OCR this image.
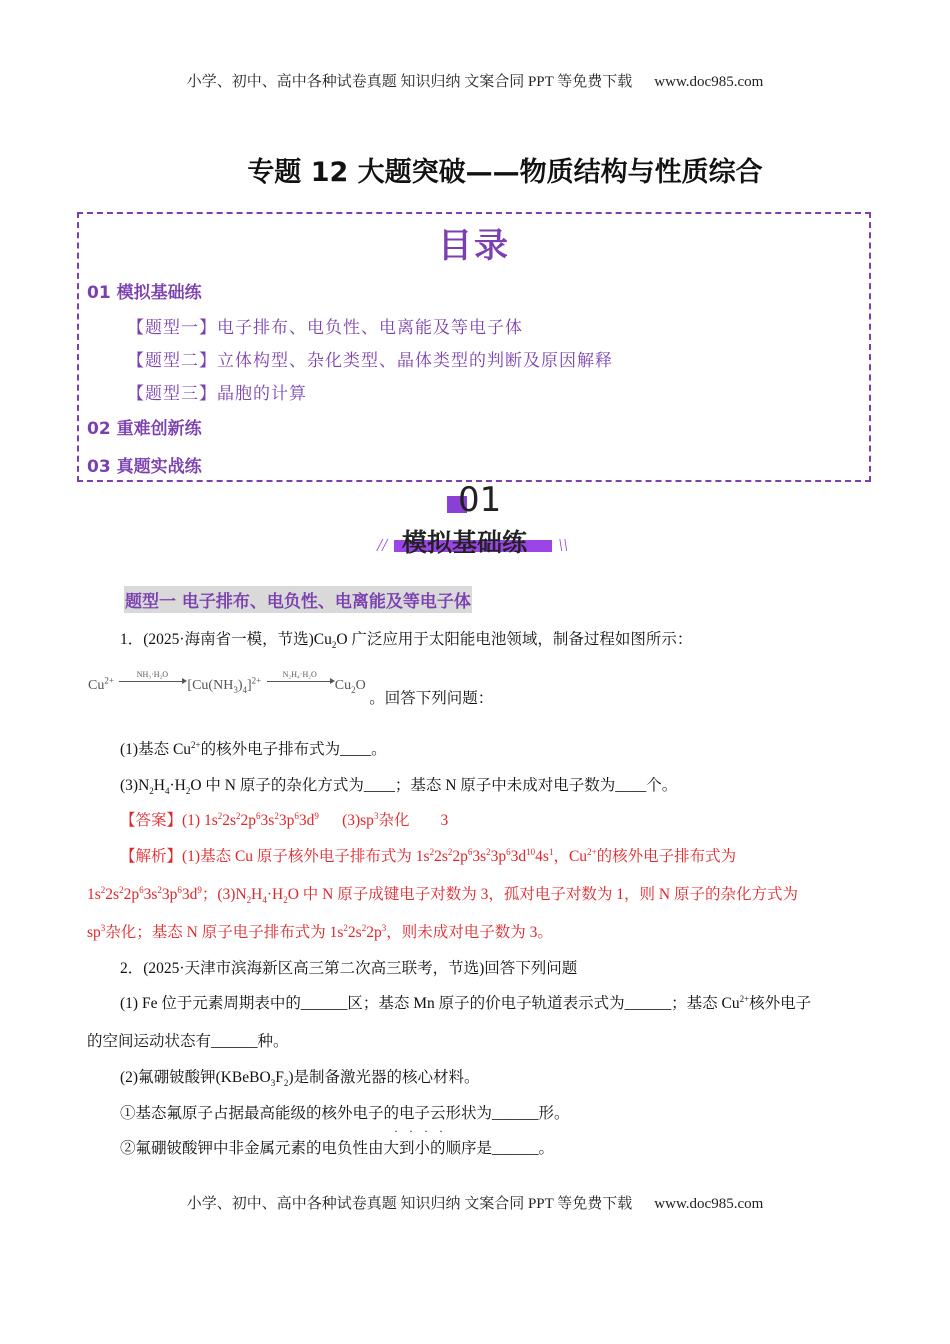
小学、初中、高中各种试卷真题 知识归纳 文案合同 PPT 等免费下载 www.doc985.com
专题 12 大题突破——物质结构与性质综合
目录
01 模拟基础练
【题型一】电子排布、电负性、电离能及等电子体
【题型二】立体构型、杂化类型、晶体类型的判断及原因解释
【题型三】晶胞的计算
02 重难创新练
03 真题实战练
01
// 模拟基础练 \\
题型一 电子排布、电负性、电离能及等电子体
1．(2025·海南省一模，节选)$Cu_2O$ 广泛应用于太阳能电池领域，制备过程如图所示：
(1)基态 $Cu^{2+}$的核外电子排布式为____。
$(3)N_2H_4\cdot H_2O$ 中 N 原子的杂化方式为____；基态 N 原子中未成对电子数为____个。
【答案】(1) $1s^22s^22p^63s^23p^63d^9$      $(3)sp^3$杂化        3
【解析】(1)基态 Cu 原子核外电子排布式为 $1s^22s^22p^63s^23p^63d^{10}4s^1$，$Cu^{2+}$的核外电子排布式为
$1s^22s^22p^63s^23p^63d^9$；$(3)N_2H_4\cdot H_2O$ 中 N 原子成键电子对数为 3，孤对电子对数为 1，则 N 原子的杂化方式为
$sp^3$杂化；基态 N 原子电子排布式为 $1s^22s^22p^3$，则未成对电子数为 3。
2．(2025·天津市滨海新区高三第二次高三联考，节选)回答下列问题
(1) Fe 位于元素周期表中的______区；基态 Mn 原子的价电子轨道表示式为______；基态 $Cu^{2+}$核外电子
的空间运动状态有______种。
(2)氟硼铍酸钾$(KBeBO_3F_2)$是制备激光器的核心材料。
①基态氟原子占据最高能级的核外电子的电子云形状为______形。
②氟硼铍酸钾中非金属元素的电负性由大到小的顺序是______。
$Cu^{2+}$
NH₃·H₂O
$[Cu(NH_3)_4]^{2+}$
N₂H₄·H₂O
$Cu_2O$ 。回答下列问题：
····
小学、初中、高中各种试卷真题 知识归纳 文案合同 PPT 等免费下载 www.doc985.com
